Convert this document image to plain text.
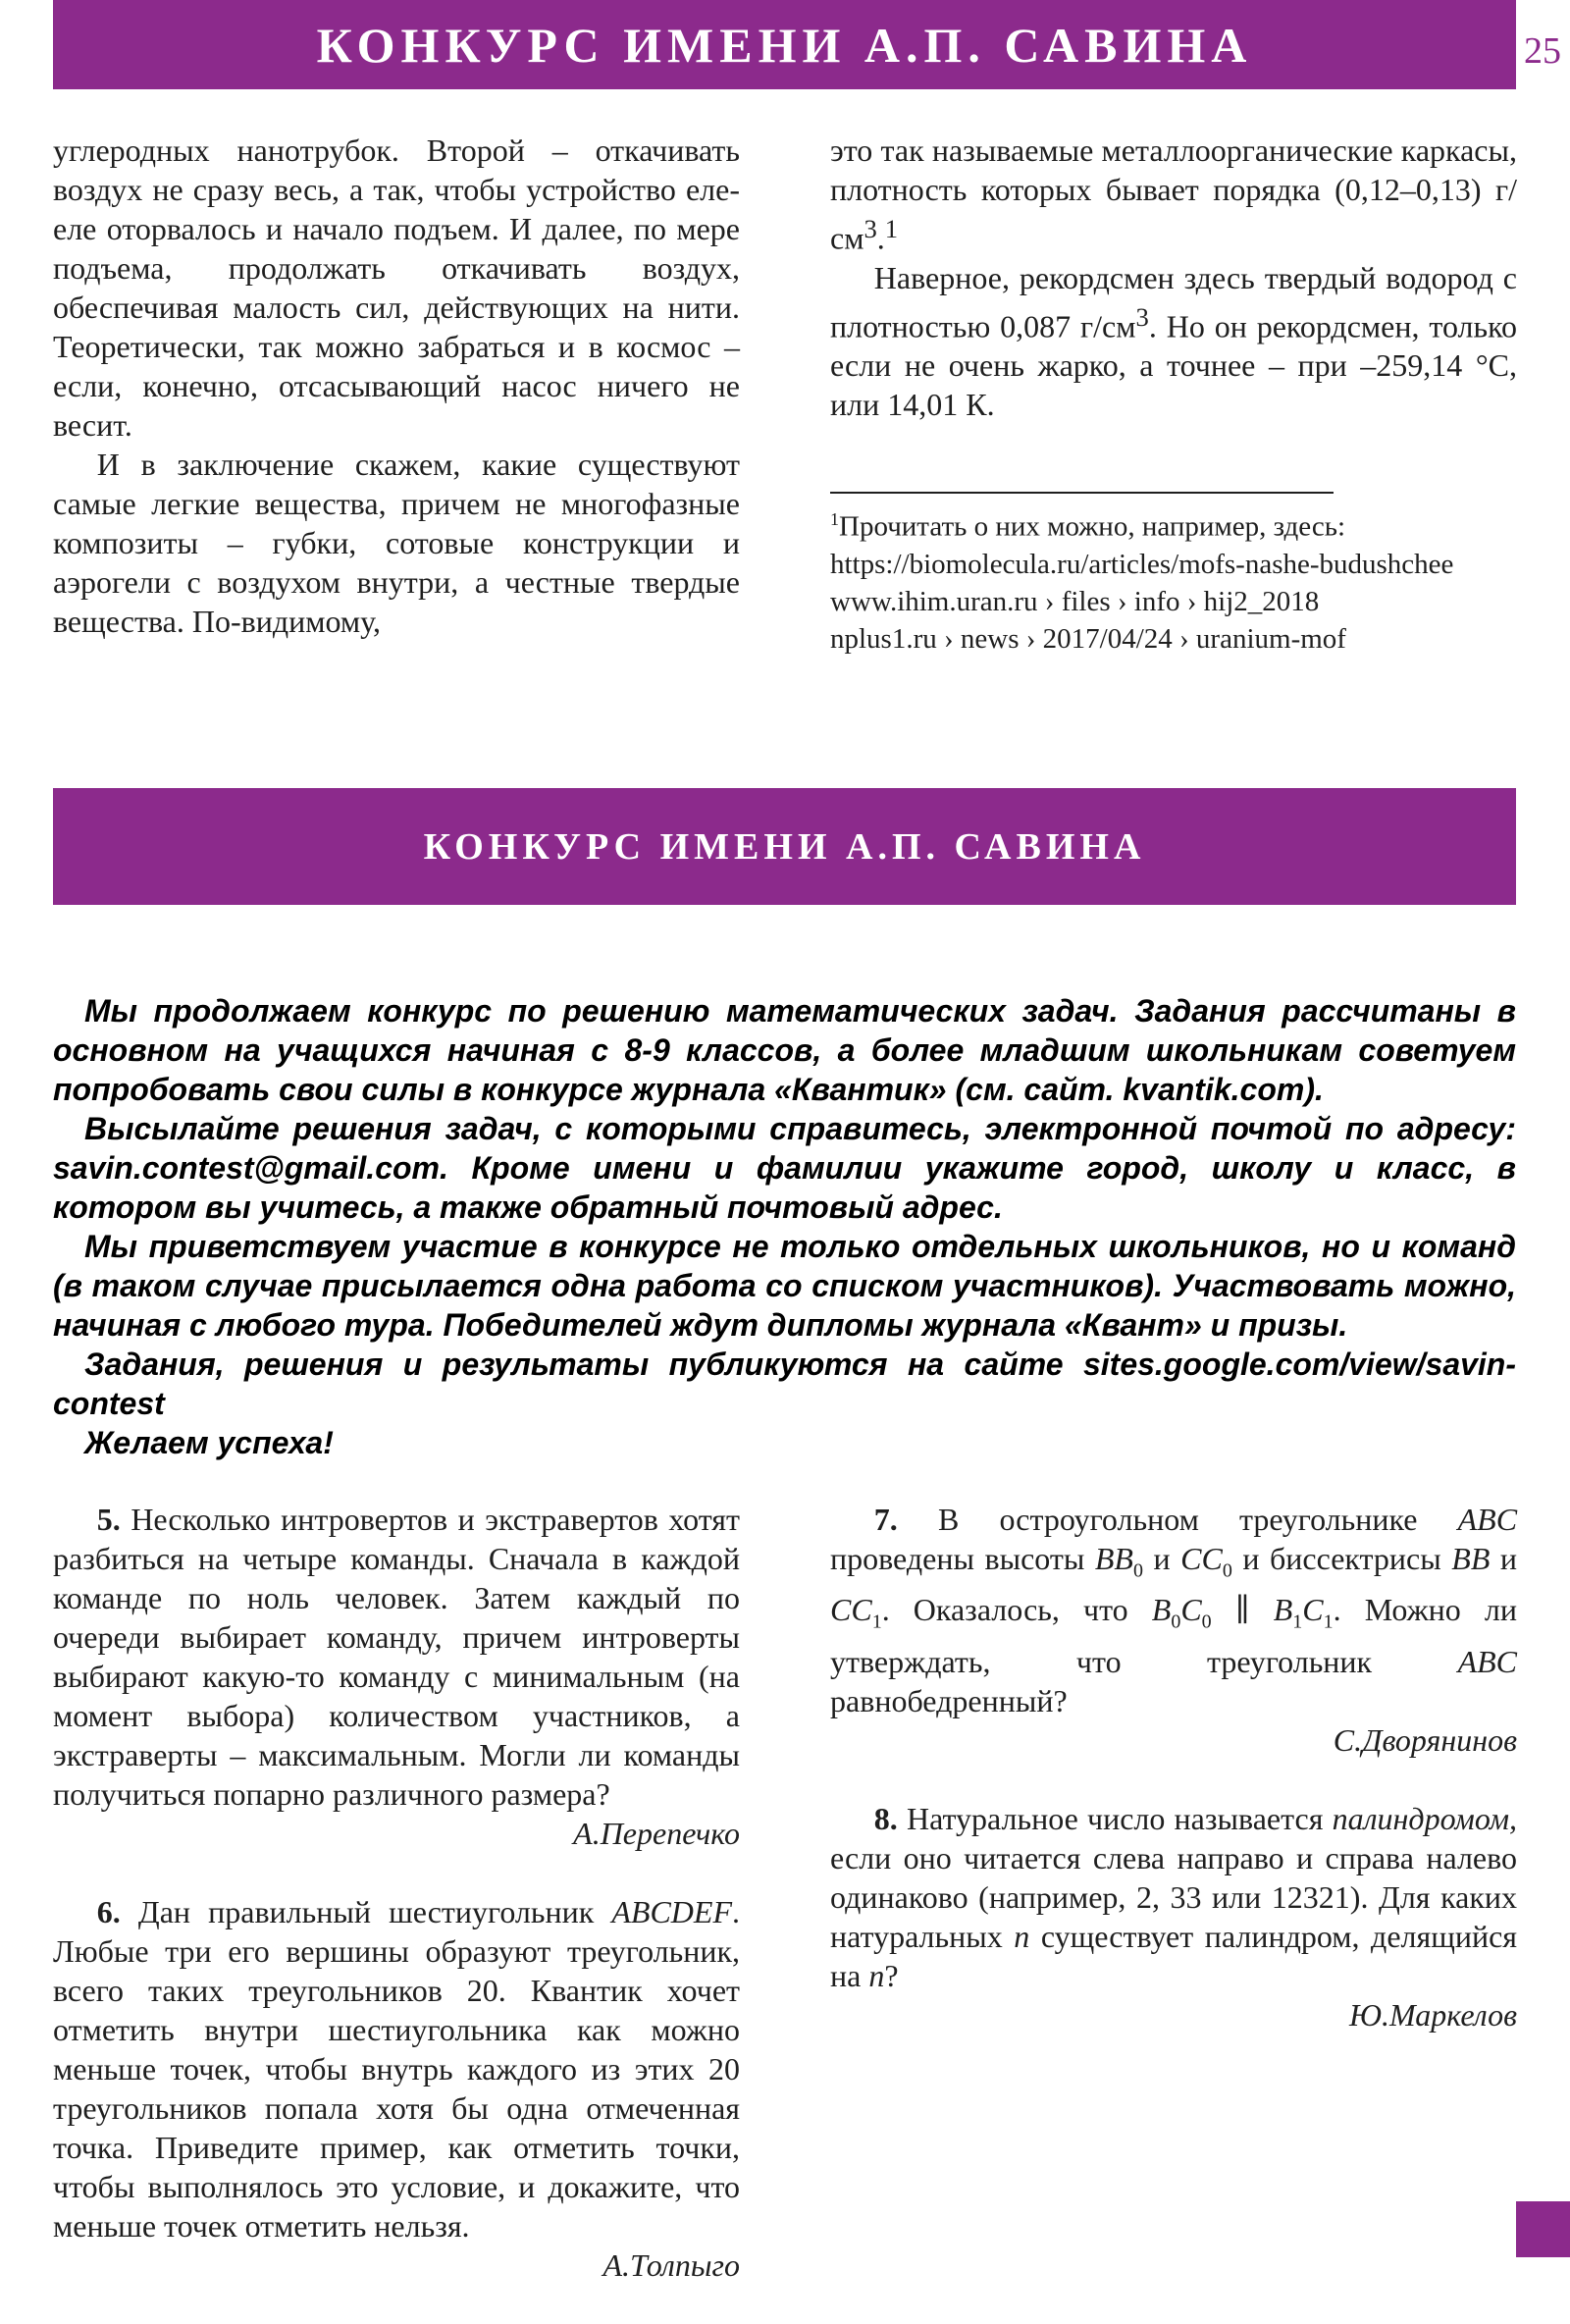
КОНКУРС ИМЕНИ А.П. САВИНА	25

углеродных нанотрубок. Второй – откачивать воздух не сразу весь, а так, чтобы устройство еле-еле оторвалось и начало подъем. И далее, по мере подъема, продолжать откачивать воздух, обеспечивая малость сил, действующих на нити. Теоретически, так можно забраться и в космос – если, конечно, отсасывающий насос ничего не весит.

И в заключение скажем, какие существуют самые легкие вещества, причем не многофазные композиты – губки, сотовые конструкции и аэрогели с воздухом внутри, а честные твердые вещества. По-видимому,

это так называемые металлоорганические каркасы, плотность которых бывает порядка (0,12–0,13) $г/см^3.^1$

Наверное, рекордсмен здесь твердый водород с плотностью 0,087 $г/см^3$. Но он рекордсмен, только если не очень жарко, а точнее – при –259,14 °С, или 14,01 К.

$^1$Прочитать о них можно, например, здесь:

https://biomolecula.ru/articles/mofs-nashe-budushchee

www.ihim.uran.ru › files › info › hij2_2018

nplus1.ru › news › 2017/04/24 › uranium-mof

КОНКУРС ИМЕНИ А.П. САВИНА

Мы продолжаем конкурс по решению математических задач. Задания рассчитаны в основном на учащихся начиная с 8-9 классов, а более младшим школьникам советуем попробовать свои силы в конкурсе журнала «Квантик» (см. сайт. kvantik.com).

Высылайте решения задач, с которыми справитесь, электронной почтой по адресу: savin.contest@gmail.com. Кроме имени и фамилии укажите город, школу и класс, в котором вы учитесь, а также обратный почтовый адрес.

Мы приветствуем участие в конкурсе не только отдельных школьников, но и команд (в таком случае присылается одна работа со списком участников). Участвовать можно, начиная с любого тура. Победителей ждут дипломы журнала «Квант» и призы.

Задания, решения и результаты публикуются на сайте sites.google.com/view/savin-contest

Желаем успеха!

5. Несколько интровертов и экстравертов хотят разбиться на четыре команды. Сначала в каждой команде по ноль человек. Затем каждый по очереди выбирает команду, причем интроверты выбирают какую-то команду с минимальным (на момент выбора) количеством участников, а экстраверты – максимальным. Могли ли команды получиться попарно различного размера?

А.Перепечко

6. Дан правильный шестиугольник ABCDEF. Любые три его вершины образуют треугольник, всего таких треугольников 20. Квантик хочет отметить внутри шестиугольника как можно меньше точек, чтобы внутрь каждого из этих 20 треугольников попала хотя бы одна отмеченная точка. Приведите пример, как отметить точки, чтобы выполнялось это условие, и докажите, что меньше точек отметить нельзя.

А.Толпыго

7. В остроугольном треугольнике ABC проведены высоты $BB_0$ и $CC_0$ и биссектрисы BB и $CC_1$. Оказалось, что $B_0C_0$ ∥ $B_1C_1$. Можно ли утверждать, что треугольник	ABC равнобедренный?

С.Дворянинов

8. Натуральное число называется палиндромом, если оно читается слева направо и справа налево одинаково (например, 2, 33 или 12321). Для каких натуральных n существует палиндром, делящийся на n?

Ю.Маркелов
